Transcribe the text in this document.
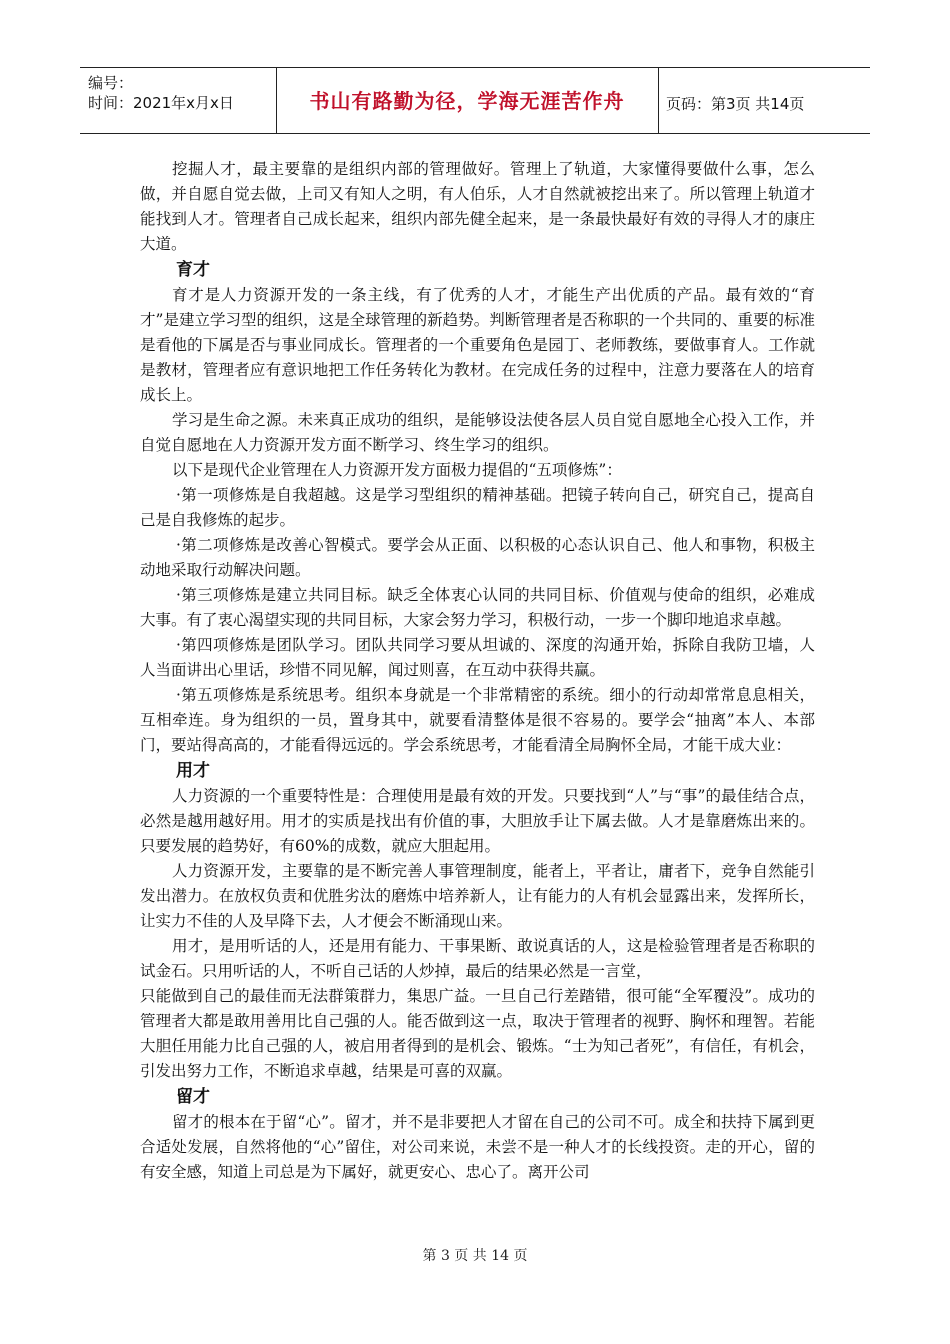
编号：
时间：2021年x月x日	书山有路勤为径，学海无涯苦作舟	页码：第3页 共14页

挖掘人才，最主要靠的是组织内部的管理做好。管理上了轨道，大家懂得要做什么事，怎么做，并自愿自觉去做，上司又有知人之明，有人伯乐，人才自然就被挖出来了。所以管理上轨道才能找到人才。管理者自己成长起来，组织内部先健全起来，是一条最快最好有效的寻得人才的康庄大道。

育才

育才是人力资源开发的一条主线，有了优秀的人才，才能生产出优质的产品。最有效的“育才”是建立学习型的组织，这是全球管理的新趋势。判断管理者是否称职的一个共同的、重要的标准是看他的下属是否与事业同成长。管理者的一个重要角色是园丁、老师教练，要做事育人。工作就是教材，管理者应有意识地把工作任务转化为教材。在完成任务的过程中，注意力要落在人的培育成长上。

学习是生命之源。未来真正成功的组织，是能够设法使各层人员自觉自愿地全心投入工作，并自觉自愿地在人力资源开发方面不断学习、终生学习的组织。

以下是现代企业管理在人力资源开发方面极力提倡的“五项修炼”：

·第一项修炼是自我超越。这是学习型组织的精神基础。把镜子转向自己，研究自己，提高自己是自我修炼的起步。

·第二项修炼是改善心智模式。要学会从正面、以积极的心态认识自己、他人和事物，积极主动地采取行动解决问题。

·第三项修炼是建立共同目标。缺乏全体衷心认同的共同目标、价值观与使命的组织，必难成大事。有了衷心渴望实现的共同目标，大家会努力学习，积极行动，一步一个脚印地追求卓越。

·第四项修炼是团队学习。团队共同学习要从坦诚的、深度的沟通开始，拆除自我防卫墙，人人当面讲出心里话，珍惜不同见解，闻过则喜，在互动中获得共赢。

·第五项修炼是系统思考。组织本身就是一个非常精密的系统。细小的行动却常常息息相关，互相牵连。身为组织的一员，置身其中，就要看清整体是很不容易的。要学会“抽离”本人、本部门，要站得高高的，才能看得远远的。学会系统思考，才能看清全局胸怀全局，才能干成大业：

用才

人力资源的一个重要特性是：合理使用是最有效的开发。只要找到“人”与“事”的最佳结合点，必然是越用越好用。用才的实质是找出有价值的事，大胆放手让下属去做。人才是靠磨炼出来的。只要发展的趋势好，有60%的成数，就应大胆起用。

人力资源开发，主要靠的是不断完善人事管理制度，能者上，平者让，庸者下，竞争自然能引发出潜力。在放权负责和优胜劣汰的磨炼中培养新人，让有能力的人有机会显露出来，发挥所长，让实力不佳的人及早降下去，人才便会不断涌现山来。

用才，是用听话的人，还是用有能力、干事果断、敢说真话的人，这是检验管理者是否称职的试金石。只用听话的人，不听自己话的人炒掉，最后的结果必然是一言堂，

只能做到自己的最佳而无法群策群力，集思广益。一旦自己行差踏错，很可能“全军覆没”。成功的管理者大都是敢用善用比自己强的人。能否做到这一点，取决于管理者的视野、胸怀和理智。若能大胆任用能力比自己强的人，被启用者得到的是机会、锻炼。“士为知己者死”，有信任，有机会，引发出努力工作，不断追求卓越，结果是可喜的双赢。

留才

留才的根本在于留“心”。留才，并不是非要把人才留在自己的公司不可。成全和扶持下属到更合适处发展，自然将他的“心”留住，对公司来说，未尝不是一种人才的长线投资。走的开心，留的有安全感，知道上司总是为下属好，就更安心、忠心了。离开公司

第 3 页 共 14 页
